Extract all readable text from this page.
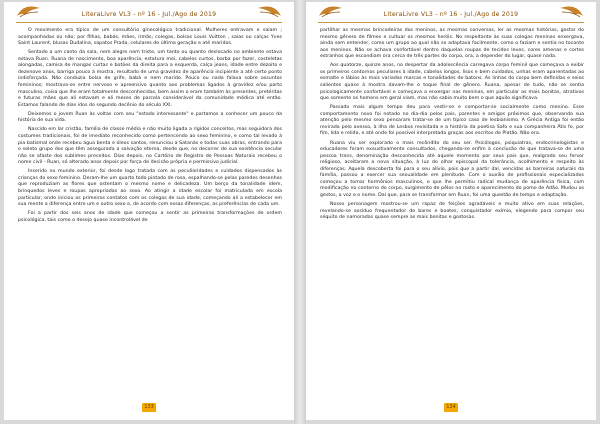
LiteraLivre VL3 - nº 16 - Jul./Ago de 2019

O movimento era típico de um consultório ginecológico tradicional. Mulheres entravam e saíam ; acompanhadas ou não; por filhas, babás, mães, irmãs, colegas, bolsas Louis Vuitton , saias ou calças Yves Saint Laurent, blusas Dudalina, sapatos Prada, celulares de última geração e até maridos.

Sentado a um canto da sala, nem alegre nem triste, um tanto ou quanto deslocado no ambiente estava estava Ruan. Ruana de nascimento, boa aparência, estatura mei, cabelos curtos, barba por fazer, costeletas alongadas, camisa de mangas curtas e botões da direita para a esquerda, calça jeans, idade entre dezoito e dezenove anos, barriga pouco à mostra, resultado de uma gravidez de aparência incipiente a até certo ponto indisfarçada. Não conduzia bolsa de grife, babá e nem marido. Pouco ou nada falava sobre assuntos femininos; mostrava-se entre nervoso e apreensivo quanto aos problemas ligados à gravidez e/ou parto masculino, coisa que lhe eram totalmente desconhecidas, bem assim o eram também às presentes, pretéritas e futuras mães que ali estavam e ali meses de parcela considerável da comunidade médica até então. Estamos falando de dias idos do segundo decênio do século XXI.

Deixemos o jovem Ruan às voltas com seu "estado interessante" e partamos a conhecer um pouco da história de sua vida.

Nascido em lar cristão, família de classe média e não muito ligada a rígidos conceitos, mas seguidora dos costumes tradicionais, foi de imediato reconhecido como pertencendo ao sexo feminino, e como tal levado à pia batismal onde recebeu água benta e óleos santos, renunciou a Satanás e todas suas obras, entrando para o seleto grupo dos que têm assegurada a salvação eterna, desde que, no decorrer de sua existência secular não se afaste dos sublimes preceitos. Dias depois, no Cartório de Registro de Pessoas Naturais recebeu o nome civil - Ruan, só alterado anos depois por força de decisão própria e permissivo judicial.

Inserido no mundo exterior, foi desde logo tratada com as peculiaridades e cuidados dispensados às crianças do sexo feminino. Deram-lhe um quarto todo pintado de rosa, espalhando-se pelas paredes desenhos que reproduziam as flores que ostentam o mesmo nome e delicadeza. Um berço da tonalidade idem, brinquedos leves e roupas apropriadas ao sexo. Ao atingir a idade escolar foi matriculada em escola particular, onde iniciou os primeiros contatos com os colegas de sua idade, começando ali a estabelecer em sua mente a diferença entre um e outro sexo e, de acordo com essas diferenças, as preferências de cada um.

Foi a partir dos seis anos de idade que começou a sentir as primeiras transformações de ordem psicológica, tais como o desejo quase incontrolável de

133
LiteraLivre VL3 - nº 16 - Jul./Ago de 2019

partilhar as mesmas brincadeiras dos meninos, as mesmas conversas, ler as mesmas histórias, gostar do mesmo gênero de filmes e cultuar os mesmos heróis. No respeitante às suas colegas meninas enxergava, ainda sem entender, como um grupo ao qual não se adaptava facilmente, como o faziam e sentia no tocante aos meninos. Não se achava confortável dentro daquelas roupas de tecidos leves, cores amenas e cortes estranhos que escondiam ora cerca de três partes do corpo, ora, a depender do lugar, quase nada.

Aos quatorze, quinze anos, no despertar da adolescência carregava corpo feminil que começava a exibir os primeiros contornos peculiares à idade, cabelos longos, lisos e bem cuidados, unhas eram aparentadas ao esmalte e lábios às mais variadas marcas e tonalidades de batons. As linhas do corpo bem definidas e seios salientes quase à mostra davam-lhe o toque final de gênero. Ruana, apesar de tudo, não se sentia psicologicamente confortável e começava a enxergar nas meninas, em particular as mais bonitas, atrativos que somente os homens em geral viam, mas não sabia muito bem o que aquilo significava.

Passado mais algum tempo deu para vestir-se e comportar-se socialmente como menino. Esse comportamento novo foi notado no dia-dia pelos pais, parentes e amigos próximos que, observando sua atenção pelo mesmo sexo pensaram tratar-se de um típico caso de lesbianismo. A Grécia Antiga foi então revirada pelo avesso, à ilha de Lesbos revisitada e a história da poetisa Safo e sua companheira Átis fo, por fim, lida e relida, e até onde foi possível interpretada graças aos escritos de Platão. Não era.

Ruana viu ser explorado o mais recôndito do seu ser. Psicólogos, psiquiatras, endocrinologistas e educadores foram exaustivamente consultados, chegando-se enfim à conclusão de que tratava-se de uma pessoa trans, denominação desconhecida até aquele momento por seus pais que, malgrado seu fervor religioso, aceitaram a nova situação, à luz do olhar episcopal da tolerância, acolhimento e respeito às diferenças. Aquela descoberta foi para o seu alívio, pois que a partir daí, vencidas as barreiras naturais da família, passou a exercer sua sexualidade em plenitude. Com o auxílio de profissionais especializados começou a tomar hormônios masculinos, o que lhe permitiu radical mudança de aparência física, com modificação no contorno do corpo, surgimento de pêlos no rosto e aparecimento do pomo de Adão. Mudou os gestos, a voz e o nome. Daí que, para se transformar em Ruan, foi uma questão de tempo e adaptação.

Nosso personagem mostrou-se um rapaz de feições agradáveis e muito ativo em suas relações, revelando-se assíduo frequentador de bares e boates, conquistador exímio, elegendo para compor seu séquito de namoradas quase sempre as mais bonitas e gostosas.

134
